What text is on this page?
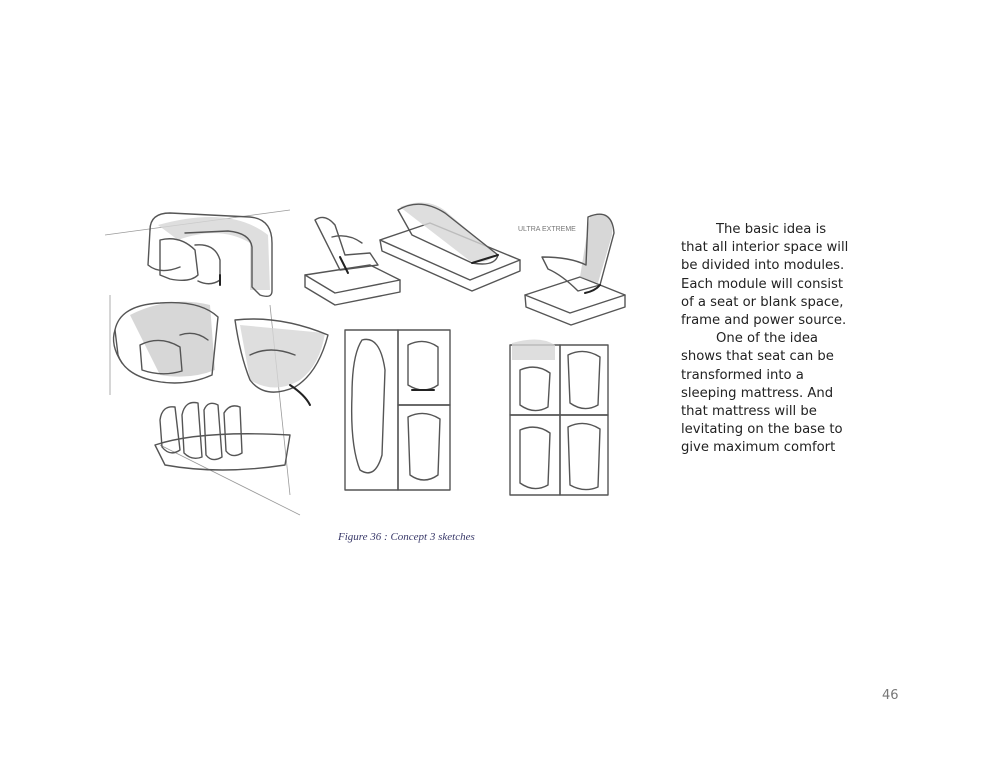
ULTRA EXTREME
Figure 36 : Concept 3 sketches
The basic idea is
that all interior space will
be divided into modules.
Each module will consist
of a seat or blank space,
frame and power source.
One of the idea
shows that seat can be
transformed into a
sleeping mattress. And
that mattress will be
levitating on the base to
give maximum comfort
46
